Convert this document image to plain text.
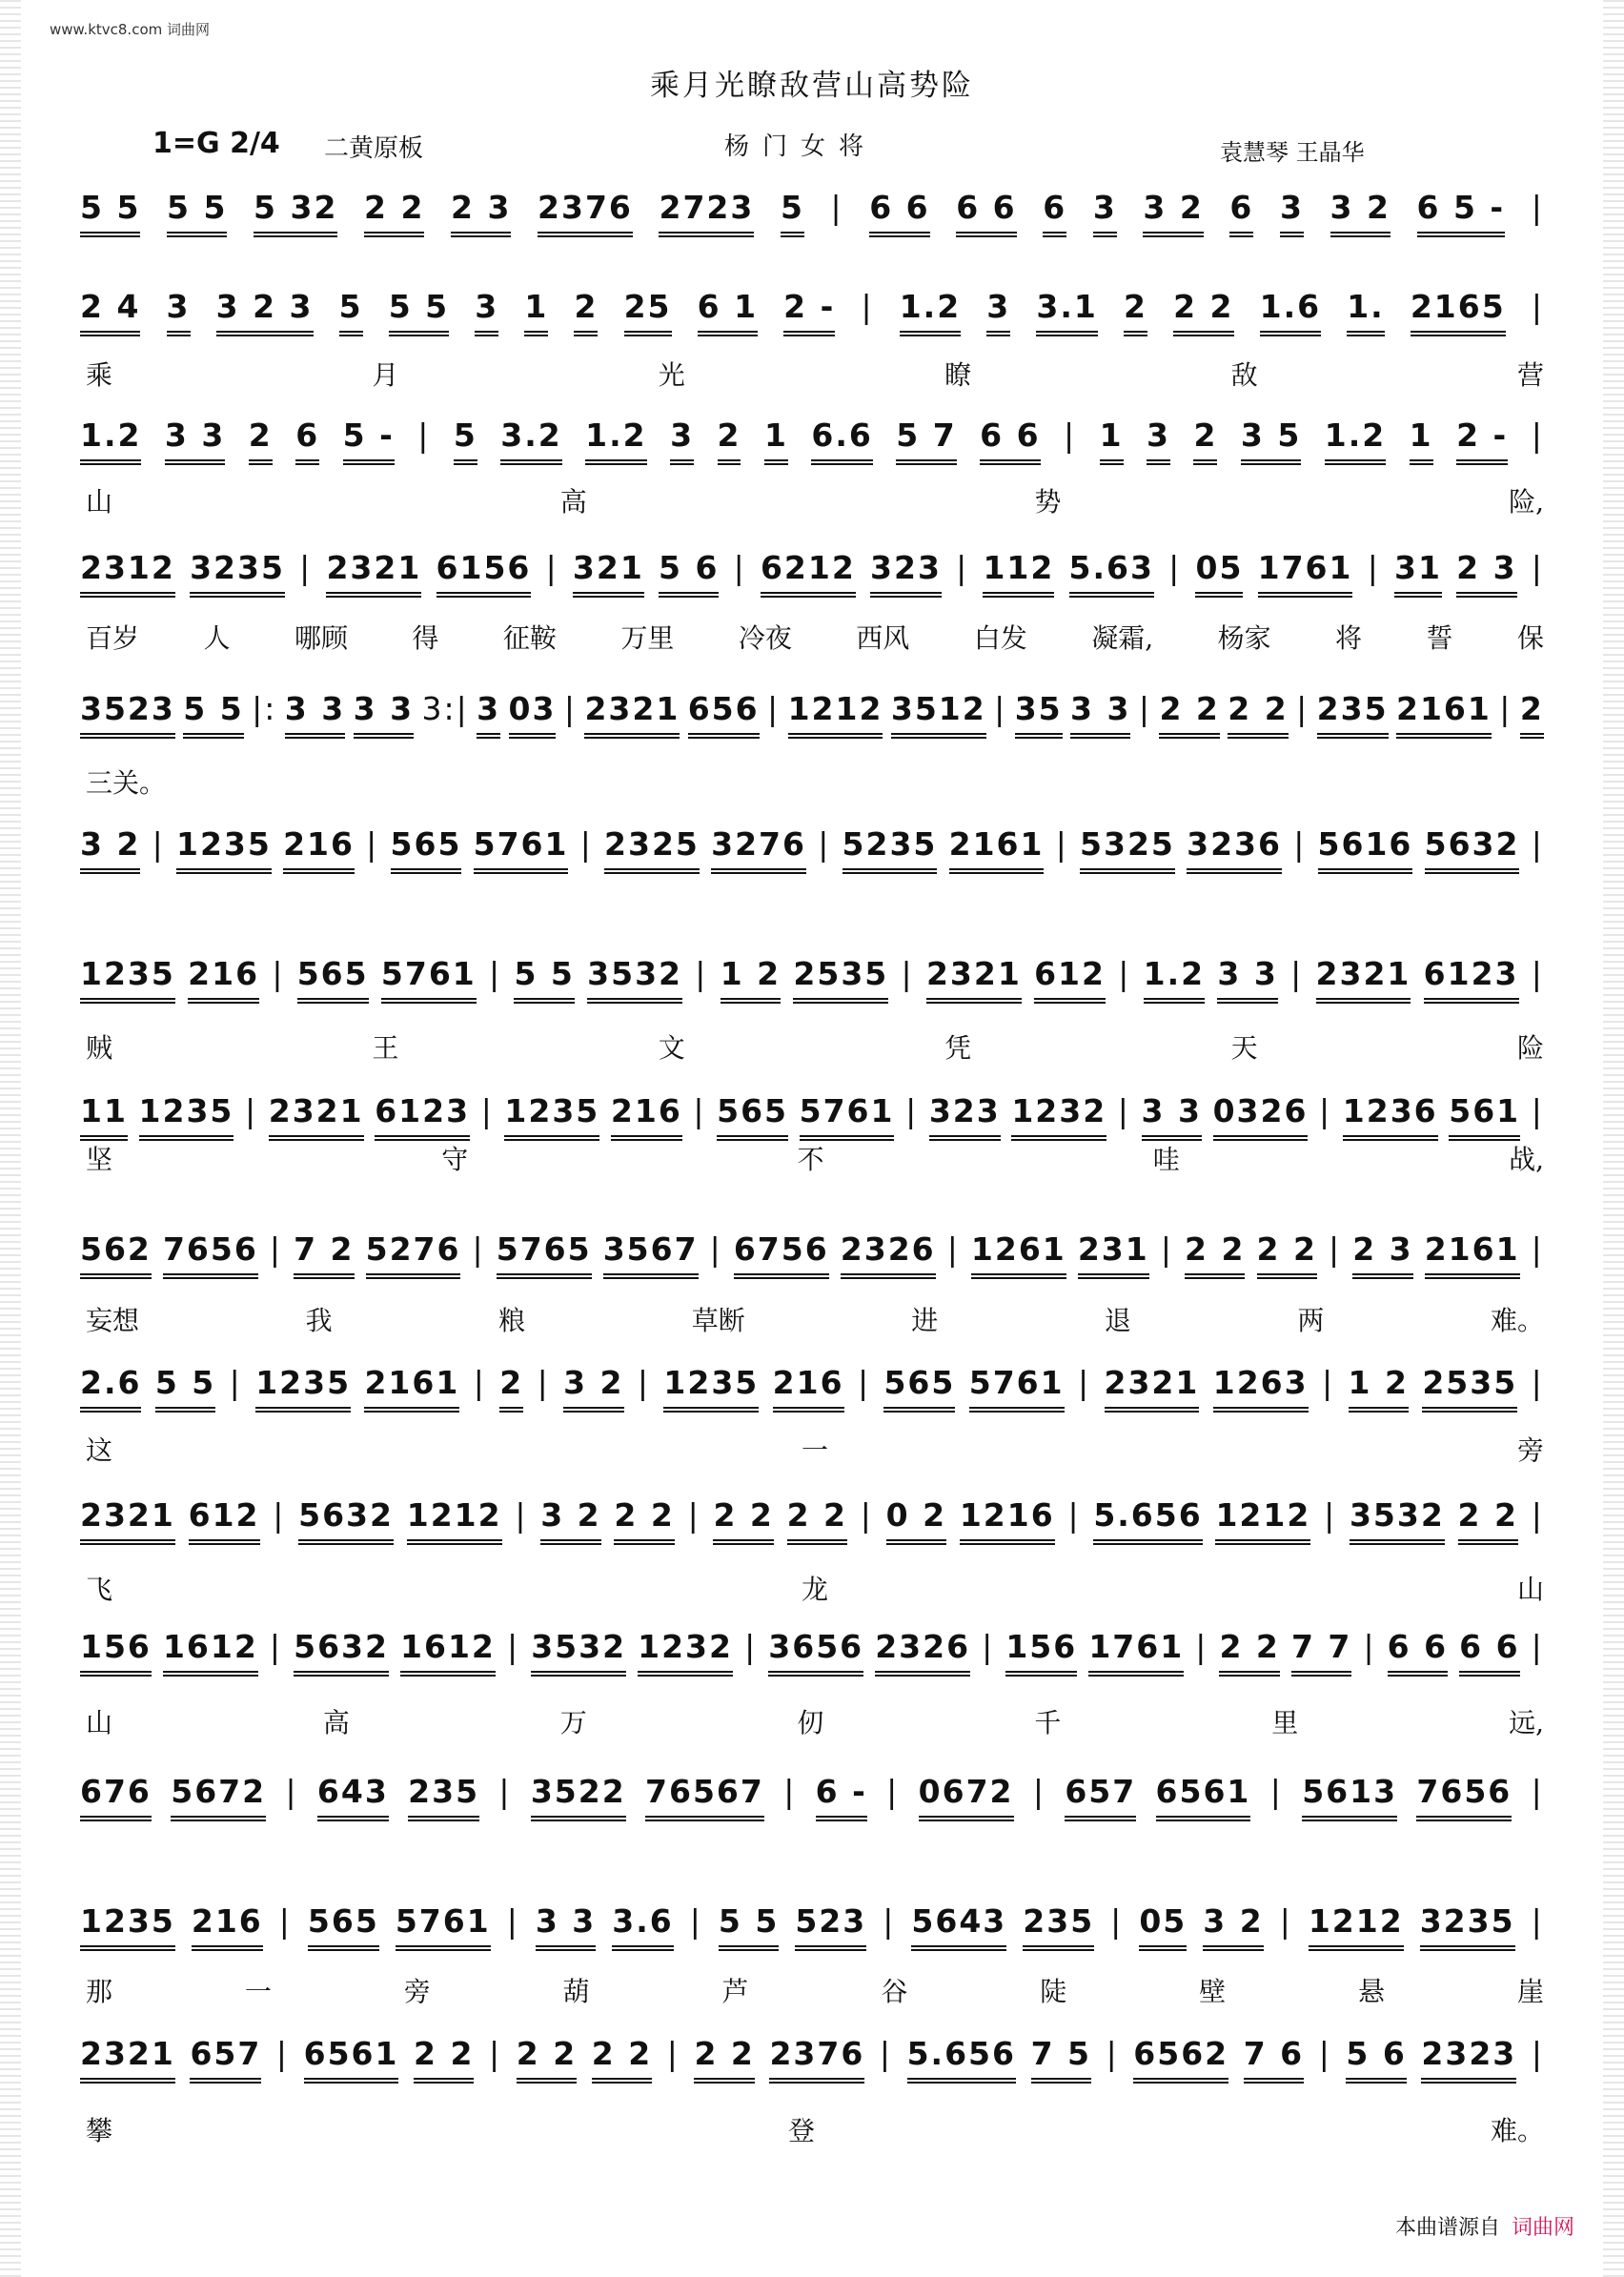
www.ktvc8.com 词曲网
乘月光瞭敌营山高势险
1=G 2/4 二黄原板	杨门女将	袁慧琴 王晶华
5 5 5 5 5 32 2 2 2 3 2376 2723 5 | 6 6 6 6 6 3 3 2 6 3 3 2 6 5 - |
2 4 3 3 2 3 5 5 5 3 1 2 25 6 1 2 - | 1.2 3 3.1 2 2 2 1.6 1. 2165 |
乘	月	光	瞭	敌	营
1.2 3 3 2 6 5 - | 5 3.2 1.2 3 2 1 6.6 5 7 6 6 | 1 3 2 3 5 1.2 1 2 - |
山	高	势	险,
2312 3235 | 2321 6156 | 321 5 6 | 6212 323 | 112 5.63 | 05 1761 | 31 2 3 |
百岁 人 哪顾 得 征鞍 万里 冷夜 西风 白发 凝霜, 杨家 将 誓 保
3523 5 5 |: 3 3 3 3 3:| 3 03 | 2321 656 | 1212 3512 | 35 3 3 | 2 2 2 2 | 235 2161 | 2
三关。
3 2 | 1235 216 | 565 5761 | 2325 3276 | 5235 2161 | 5325 3236 | 5616 5632 |
1235 216 | 565 5761 | 5 5 3532 | 1 2 2535 | 2321 612 | 1.2 3 3 | 2321 6123 |
贼	王	文	凭	天	险
11 1235 | 2321 6123 | 1235 216 | 565 5761 | 323 1232 | 3 3 0326 | 1236 561 |
坚	守	不	哇	战,
562 7656 | 7 2 5276 | 5765 3567 | 6756 2326 | 1261 231 | 2 2 2 2 | 2 3 2161 |
妄想	我	粮	草断	进	退	两	难。
2.6 5 5 | 1235 2161 | 2 | 3 2 | 1235 216 | 565 5761 | 2321 1263 | 1 2 2535 |
这	一	旁
2321 612 | 5632 1212 | 3 2 2 2 | 2 2 2 2 | 0 2 1216 | 5.656 1212 | 3532 2 2 |
飞	龙	山
156 1612 | 5632 1612 | 3532 1232 | 3656 2326 | 156 1761 | 2 2 7 7 | 6 6 6 6 |
山	高	万	仞	千	里	远,
676 5672 | 643 235 | 3522 76567 | 6 - | 0672 | 657 6561 | 5613 7656 |
1235 216 | 565 5761 | 3 3 3.6 | 5 5 523 | 5643 235 | 05 3 2 | 1212 3235 |
那	一	旁	葫	芦	谷	陡	壁	悬	崖
2321 657 | 6561 2 2 | 2 2 2 2 | 2 2 2376 | 5.656 7 5 | 6562 7 6 | 5 6 2323 |
攀	登	难。
本曲谱源自 词曲网
